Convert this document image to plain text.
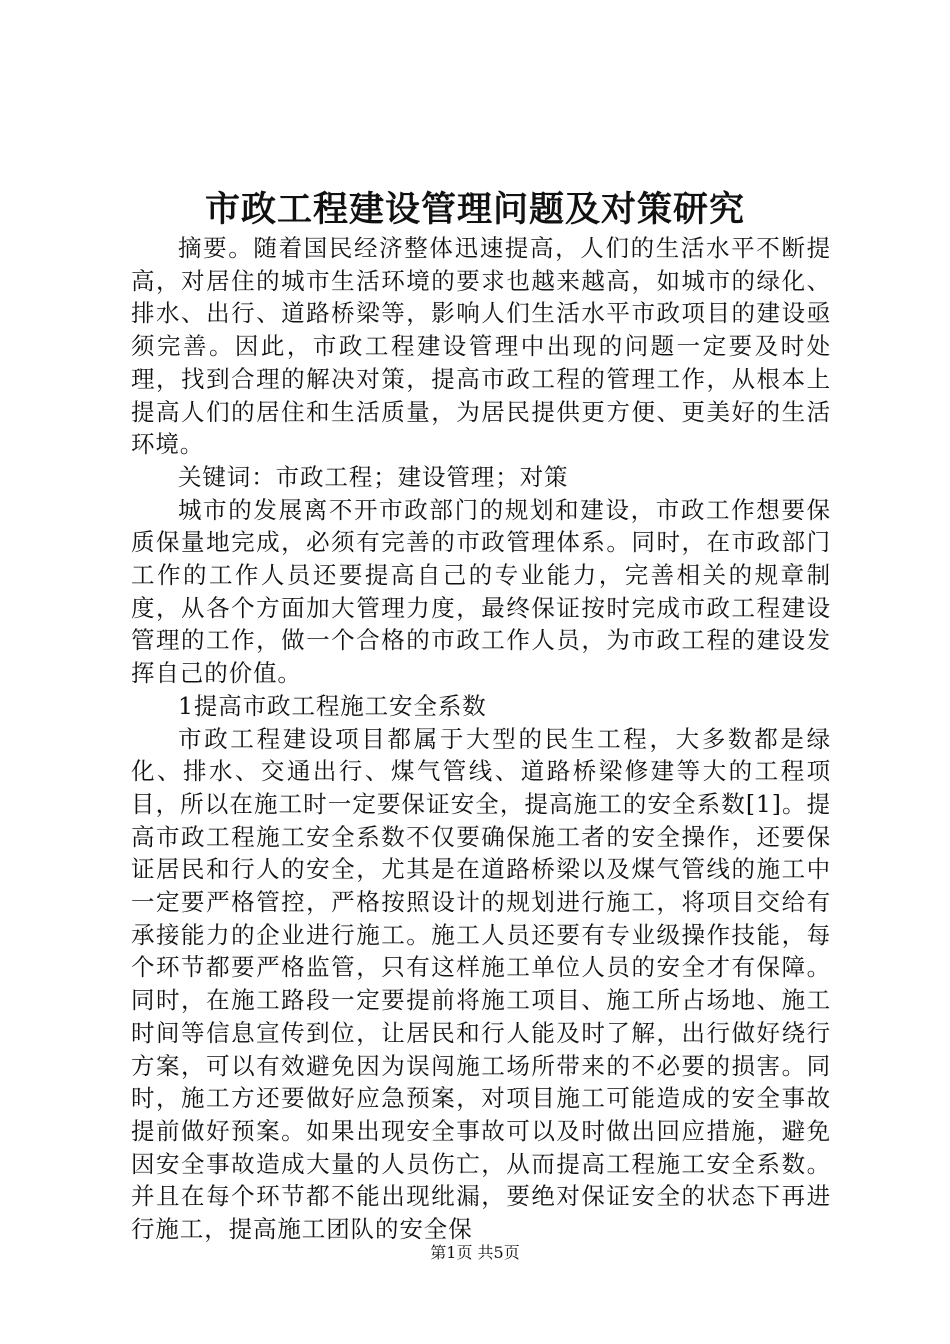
市政工程建设管理问题及对策研究

摘要。随着国民经济整体迅速提高，人们的生活水平不断提高，对居住的城市生活环境的要求也越来越高，如城市的绿化、排水、出行、道路桥梁等，影响人们生活水平市政项目的建设亟须完善。因此，市政工程建设管理中出现的问题一定要及时处理，找到合理的解决对策，提高市政工程的管理工作，从根本上提高人们的居住和生活质量，为居民提供更方便、更美好的生活环境。

关键词：市政工程；建设管理；对策

城市的发展离不开市政部门的规划和建设，市政工作想要保质保量地完成，必须有完善的市政管理体系。同时，在市政部门工作的工作人员还要提高自己的专业能力，完善相关的规章制度，从各个方面加大管理力度，最终保证按时完成市政工程建设管理的工作，做一个合格的市政工作人员，为市政工程的建设发挥自己的价值。

1提高市政工程施工安全系数

市政工程建设项目都属于大型的民生工程，大多数都是绿化、排水、交通出行、煤气管线、道路桥梁修建等大的工程项目，所以在施工时一定要保证安全，提高施工的安全系数[1]。提高市政工程施工安全系数不仅要确保施工者的安全操作，还要保证居民和行人的安全，尤其是在道路桥梁以及煤气管线的施工中一定要严格管控，严格按照设计的规划进行施工，将项目交给有承接能力的企业进行施工。施工人员还要有专业级操作技能，每个环节都要严格监管，只有这样施工单位人员的安全才有保障。同时，在施工路段一定要提前将施工项目、施工所占场地、施工时间等信息宣传到位，让居民和行人能及时了解，出行做好绕行方案，可以有效避免因为误闯施工场所带来的不必要的损害。同时，施工方还要做好应急预案，对项目施工可能造成的安全事故提前做好预案。如果出现安全事故可以及时做出回应措施，避免因安全事故造成大量的人员伤亡，从而提高工程施工安全系数。并且在每个环节都不能出现纰漏，要绝对保证安全的状态下再进行施工，提高施工团队的安全保

第1页 共5页
